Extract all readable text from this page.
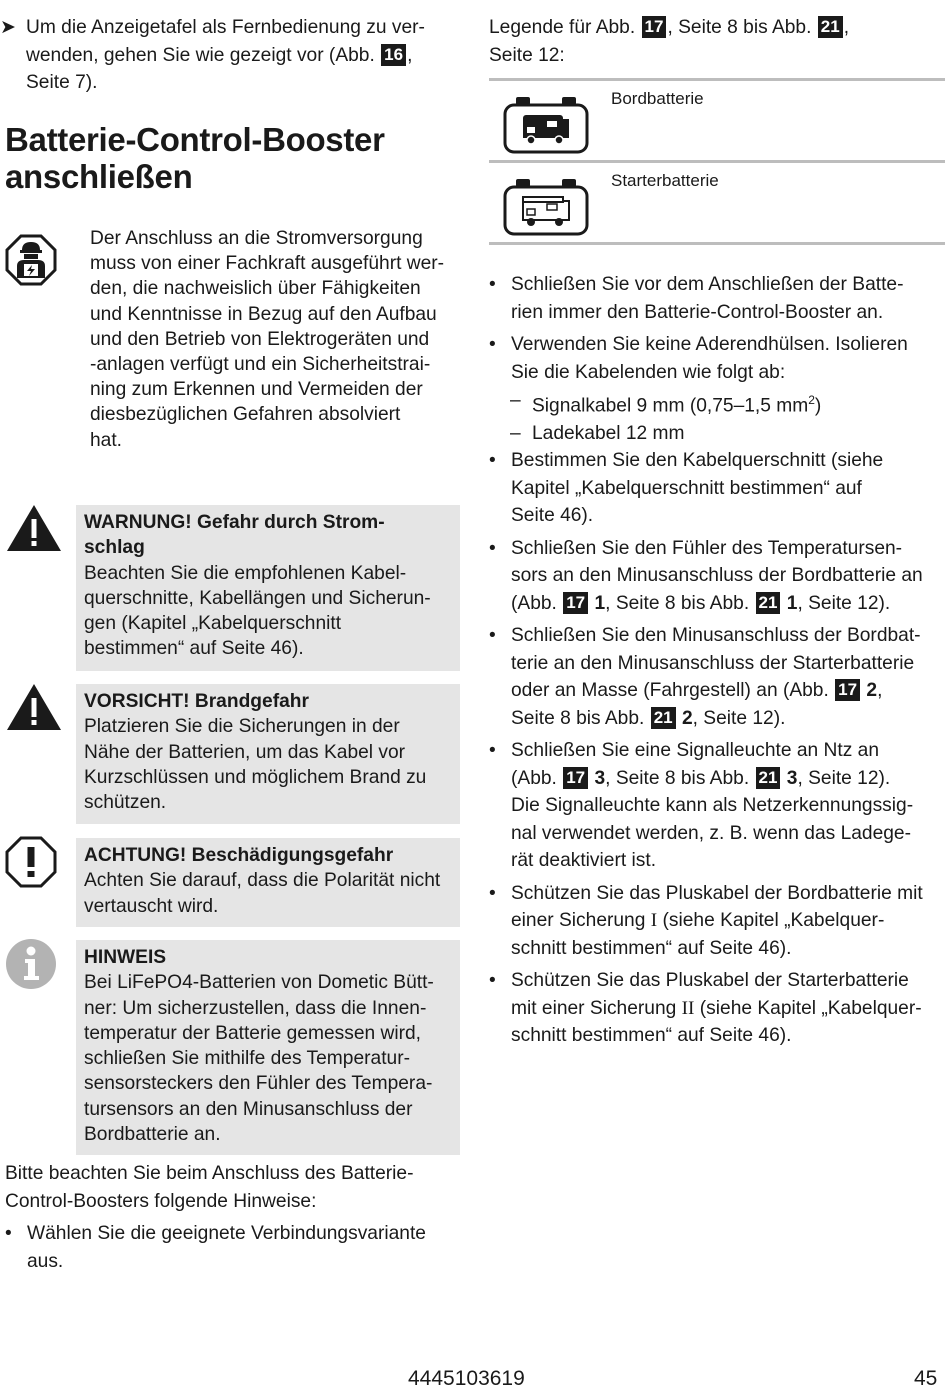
➤ Um die Anzeigetafel als Fernbedienung zu ver-
wenden, gehen Sie wie gezeigt vor (Abb. 16 ,
Seite 7).
Batterie-Control-Booster
anschließen
Der Anschluss an die Stromversorgung
muss von einer Fachkraft ausgeführt wer-
den, die nachweislich über Fähigkeiten
und Kenntnisse in Bezug auf den Aufbau
und den Betrieb von Elektrogeräten und
-anlagen verfügt und ein Sicherheitstrai-
ning zum Erkennen und Vermeiden der
diesbezüglichen Gefahren absolviert
hat.
WARNUNG! Gefahr durch Strom-
schlag
Beachten Sie die empfohlenen Kabel-
querschnitte, Kabellängen und Sicherun-
gen (Kapitel „Kabelquerschnitt
bestimmen“ auf Seite 46).
VORSICHT! Brandgefahr
Platzieren Sie die Sicherungen in der
Nähe der Batterien, um das Kabel vor
Kurzschlüssen und möglichem Brand zu
schützen.
ACHTUNG! Beschädigungsgefahr
Achten Sie darauf, dass die Polarität nicht
vertauscht wird.
HINWEIS
Bei LiFePO4-Batterien von Dometic Bütt-
ner: Um sicherzustellen, dass die Innen-
temperatur der Batterie gemessen wird,
schließen Sie mithilfe des Temperatur-
sensorsteckers den Fühler des Tempera-
tursensors an den Minusanschluss der
Bordbatterie an.
Bitte beachten Sie beim Anschluss des Batterie-
Control-Boosters folgende Hinweise:
• Wählen Sie die geeignete Verbindungsvariante
aus.
Legende für Abb. 17 , Seite 8 bis Abb. 21 ,
Seite 12:
Bordbatterie
Starterbatterie
• Schließen Sie vor dem Anschließen der Batte-
rien immer den Batterie-Control-Booster an.
• Verwenden Sie keine Aderendhülsen. Isolieren
Sie die Kabelenden wie folgt ab:
– Signalkabel 9 mm (0,75–1,5 $mm^2$)
– Ladekabel 12 mm
• Bestimmen Sie den Kabelquerschnitt (siehe
Kapitel „Kabelquerschnitt bestimmen“ auf
Seite 46).
• Schließen Sie den Fühler des Temperatursen-
sors an den Minusanschluss der Bordbatterie an
(Abb. 17 1, Seite 8 bis Abb. 21 1, Seite 12).
• Schließen Sie den Minusanschluss der Bordbat-
terie an den Minusanschluss der Starterbatterie
oder an Masse (Fahrgestell) an (Abb. 17 2,
Seite 8 bis Abb. 21 2, Seite 12).
• Schließen Sie eine Signalleuchte an Ntz an
(Abb. 17 3, Seite 8 bis Abb. 21 3, Seite 12).
Die Signalleuchte kann als Netzerkennungssig-
nal verwendet werden, z. B. wenn das Ladege-
rät deaktiviert ist.
• Schützen Sie das Pluskabel der Bordbatterie mit
einer Sicherung I (siehe Kapitel „Kabelquer-
schnitt bestimmen“ auf Seite 46).
• Schützen Sie das Pluskabel der Starterbatterie
mit einer Sicherung II (siehe Kapitel „Kabelquer-
schnitt bestimmen“ auf Seite 46).
4445103619	45
